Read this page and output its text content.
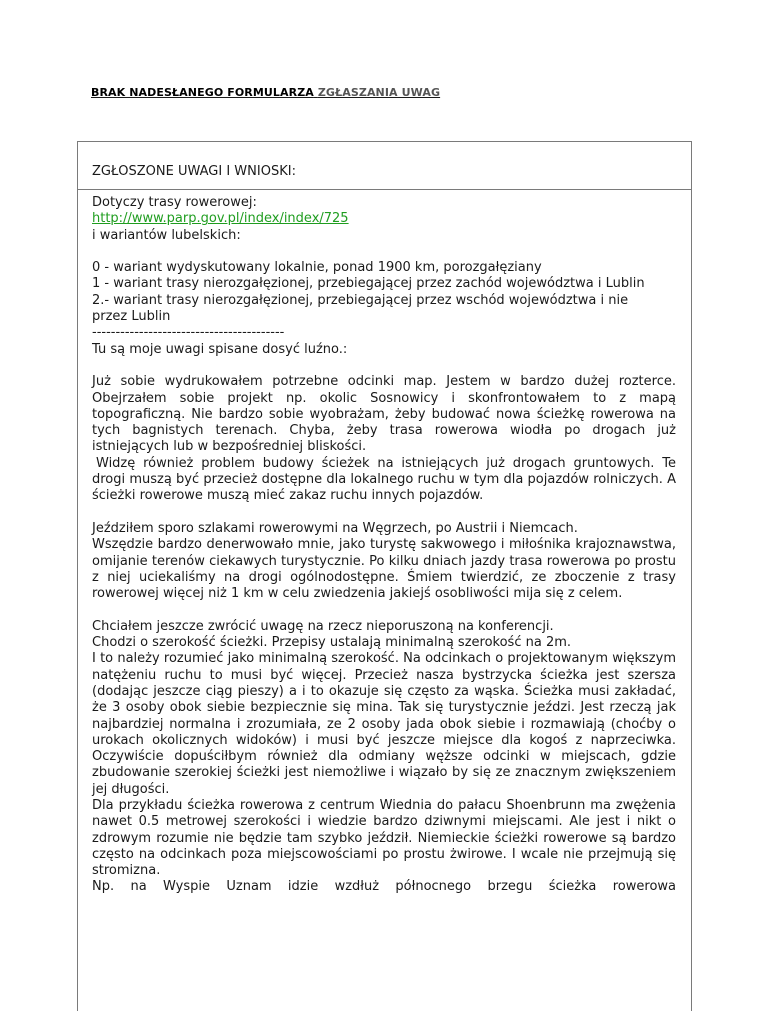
BRAK NADESŁANEGO FORMULARZA ZGŁASZANIA UWAG
ZGŁOSZONE UWAGI I WNIOSKI:
Dotyczy trasy rowerowej:
http://www.parp.gov.pl/index/index/725
i wariantów lubelskich:
0 - wariant wydyskutowany lokalnie, ponad 1900 km, porozgałęziany
1 - wariant trasy nierozgałęzionej, przebiegającej przez zachód województwa i Lublin
2.- wariant trasy nierozgałęzionej, przebiegającej przez wschód województwa i nie przez Lublin
-----------------------------------------
Tu są moje uwagi spisane dosyć luźno.:
Już sobie wydrukowałem potrzebne odcinki map. Jestem w bardzo dużej rozterce. Obejrzałem sobie projekt np. okolic Sosnowicy i skonfrontowałem to z mapą topograficzną. Nie bardzo sobie wyobrażam, żeby budować nowa ścieżkę rowerowa na tych bagnistych terenach. Chyba, żeby trasa rowerowa wiodła po drogach już istniejących lub w bezpośredniej bliskości.
Widzę również problem budowy ścieżek na istniejących już drogach gruntowych. Te drogi muszą być przecież dostępne dla lokalnego ruchu w tym dla pojazdów rolniczych. A ścieżki rowerowe muszą mieć zakaz ruchu innych pojazdów.
Jeździłem sporo szlakami rowerowymi na Węgrzech, po Austrii i Niemcach.
Wszędzie bardzo denerwowało mnie, jako turystę sakwowego i miłośnika krajoznawstwa, omijanie terenów ciekawych turystycznie. Po kilku dniach jazdy trasa rowerowa po prostu z niej uciekaliśmy na drogi ogólnodostępne. Śmiem twierdzić, ze zboczenie z trasy rowerowej więcej niż 1 km w celu zwiedzenia jakiejś osobliwości mija się z celem.
Chciałem jeszcze zwrócić uwagę na rzecz nieporuszoną na konferencji.
Chodzi o szerokość ścieżki. Przepisy ustalają minimalną szerokość na 2m.
I to należy rozumieć jako minimalną szerokość. Na odcinkach o projektowanym większym natężeniu ruchu to musi być więcej. Przecież nasza bystrzycka ścieżka jest szersza (dodając jeszcze ciąg pieszy) a i to okazuje się często za wąska. Ścieżka musi zakładać, że 3 osoby obok siebie bezpiecznie się mina. Tak się turystycznie jeździ. Jest rzeczą jak najbardziej normalna i zrozumiała, ze 2 osoby jada obok siebie i rozmawiają (choćby o urokach okolicznych widoków) i musi być jeszcze miejsce dla kogoś z naprzeciwka. Oczywiście dopuściłbym również dla odmiany węższe odcinki w miejscach, gdzie zbudowanie szerokiej ścieżki jest niemożliwe i wiązało by się ze znacznym zwiększeniem jej długości.
Dla przykładu ścieżka rowerowa z centrum Wiednia do pałacu Shoenbrunn ma zwężenia nawet 0.5 metrowej szerokości i wiedzie bardzo dziwnymi miejscami. Ale jest i nikt o zdrowym rozumie nie będzie tam szybko jeździł. Niemieckie ścieżki rowerowe są bardzo często na odcinkach poza miejscowościami po prostu żwirowe. I wcale nie przejmują się stromizna.
Np. na Wyspie Uznam idzie wzdłuż północnego brzegu ścieżka rowerowa
